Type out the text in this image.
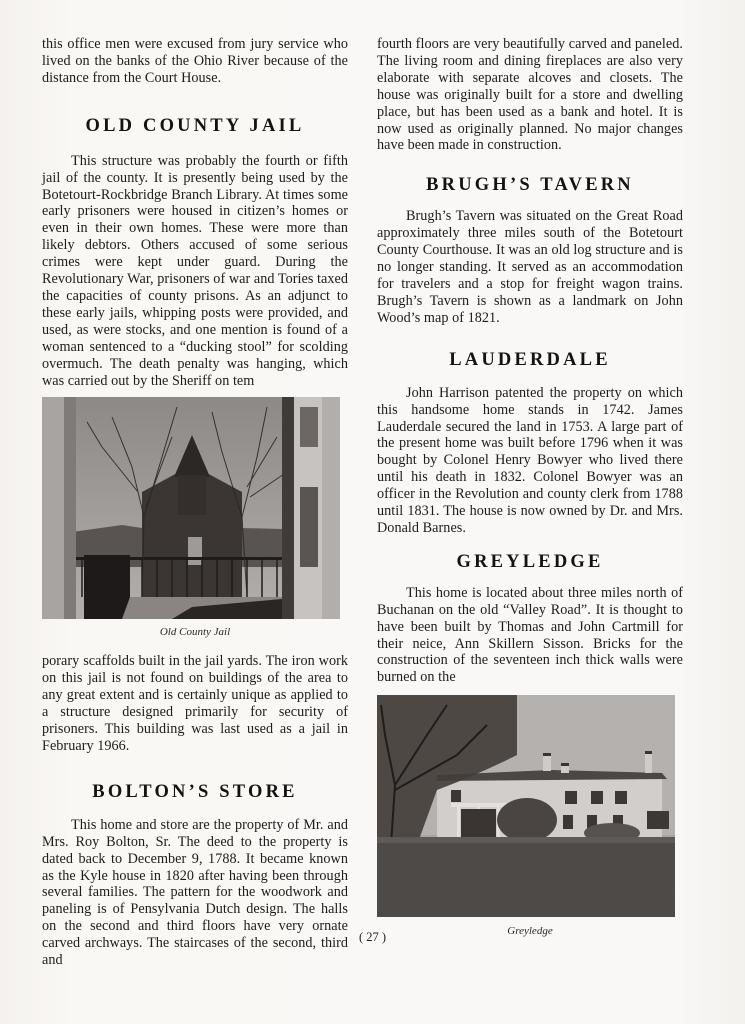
this office men were excused from jury service who lived on the banks of the Ohio River because of the distance from the Court House.

OLD COUNTY JAIL

This structure was probably the fourth or fifth jail of the county. It is presently being used by the Botetourt-Rockbridge Branch Library. At times some early prisoners were housed in citizen’s homes or even in their own homes. These were more than likely debtors. Others accused of some serious crimes were kept under guard. During the Revolutionary War, prisoners of war and Tories taxed the capacities of county prisons. As an adjunct to these early jails, whipping posts were provided, and used, as were stocks, and one mention is found of a woman sentenced to a “ducking stool” for scolding overmuch. The death penalty was hanging, which was carried out by the Sheriff on tem

Old County Jail

porary scaffolds built in the jail yards. The iron work on this jail is not found on buildings of the area to any great extent and is certainly unique as applied to a structure designed primarily for security of prisoners. This building was last used as a jail in February 1966.

BOLTON’S STORE

This home and store are the property of Mr. and Mrs. Roy Bolton, Sr. The deed to the property is dated back to December 9, 1788. It became known as the Kyle house in 1820 after having been through several families. The pattern for the woodwork and paneling is of Pensylvania Dutch design. The halls on the second and third floors have very ornate carved archways. The staircases of the second, third and

fourth floors are very beautifully carved and paneled. The living room and dining fireplaces are also very elaborate with separate alcoves and closets. The house was originally built for a store and dwelling place, but has been used as a bank and hotel. It is now used as originally planned. No major changes have been made in construction.

BRUGH’S TAVERN

Brugh’s Tavern was situated on the Great Road approximately three miles south of the Botetourt County Courthouse. It was an old log structure and is no longer standing. It served as an accommodation for travelers and a stop for freight wagon trains. Brugh’s Tavern is shown as a landmark on John Wood’s map of 1821.

LAUDERDALE

John Harrison patented the property on which this handsome home stands in 1742. James Lauderdale secured the land in 1753. A large part of the present home was built before 1796 when it was bought by Colonel Henry Bowyer who lived there until his death in 1832. Colonel Bowyer was an officer in the Revolution and county clerk from 1788 until 1831. The house is now owned by Dr. and Mrs. Donald Barnes.

GREYLEDGE

This home is located about three miles north of Buchanan on the old “Valley Road”. It is thought to have been built by Thomas and John Cartmill for their neice, Ann Skillern Sisson. Bricks for the construction of the seventeen inch thick walls were burned on the

Greyledge
( 27 )
